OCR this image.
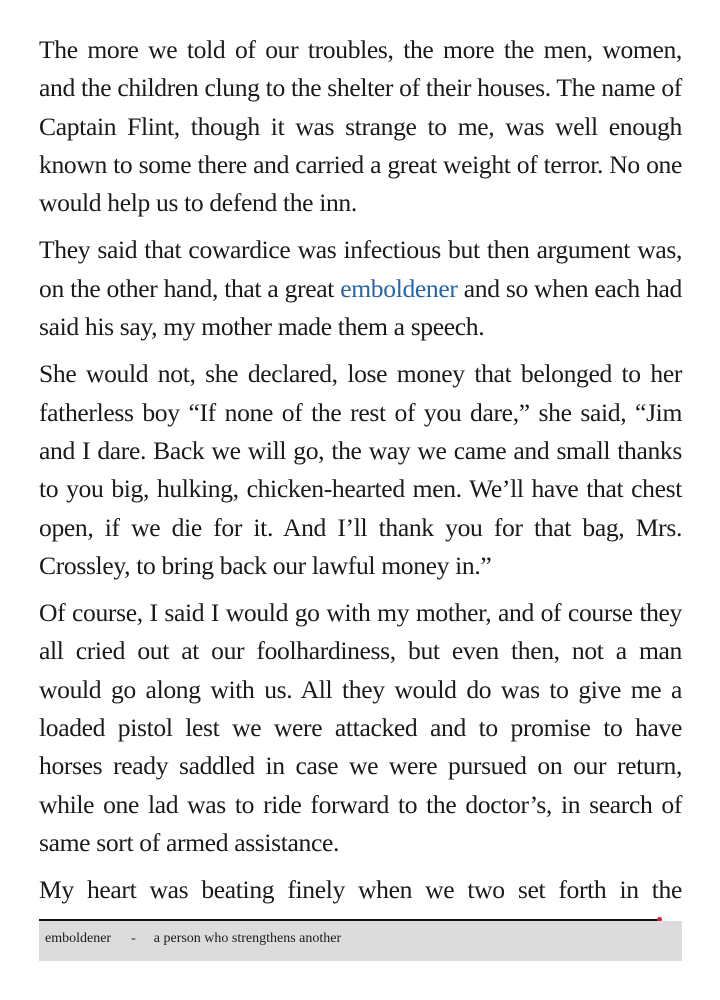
The more we told of our troubles, the more the men, women, and the children clung to the shelter of their houses. The name of Captain Flint, though it was strange to me, was well enough known to some there and carried a great weight of terror. No one would help us to defend the inn.

They said that cowardice was infectious but then argument was, on the other hand, that a great emboldener and so when each had said his say, my mother made them a speech.

She would not, she declared, lose money that belonged to her fatherless boy “If none of the rest of you dare,” she said, “Jim and I dare. Back we will go, the way we came and small thanks to you big, hulking, chicken-hearted men. We’ll have that chest open, if we die for it. And I’ll thank you for that bag, Mrs. Crossley, to bring back our lawful money in.”

Of course, I said I would go with my mother, and of course they all cried out at our foolhardiness, but even then, not a man would go along with us. All they would do was to give me a loaded pistol lest we were attacked and to promise to have horses ready saddled in case we were pursued on our return, while one lad was to ride forward to the doctor’s, in search of same sort of armed assistance.

My heart was beating finely when we two set forth in the

emboldener - a person who strengthens another
